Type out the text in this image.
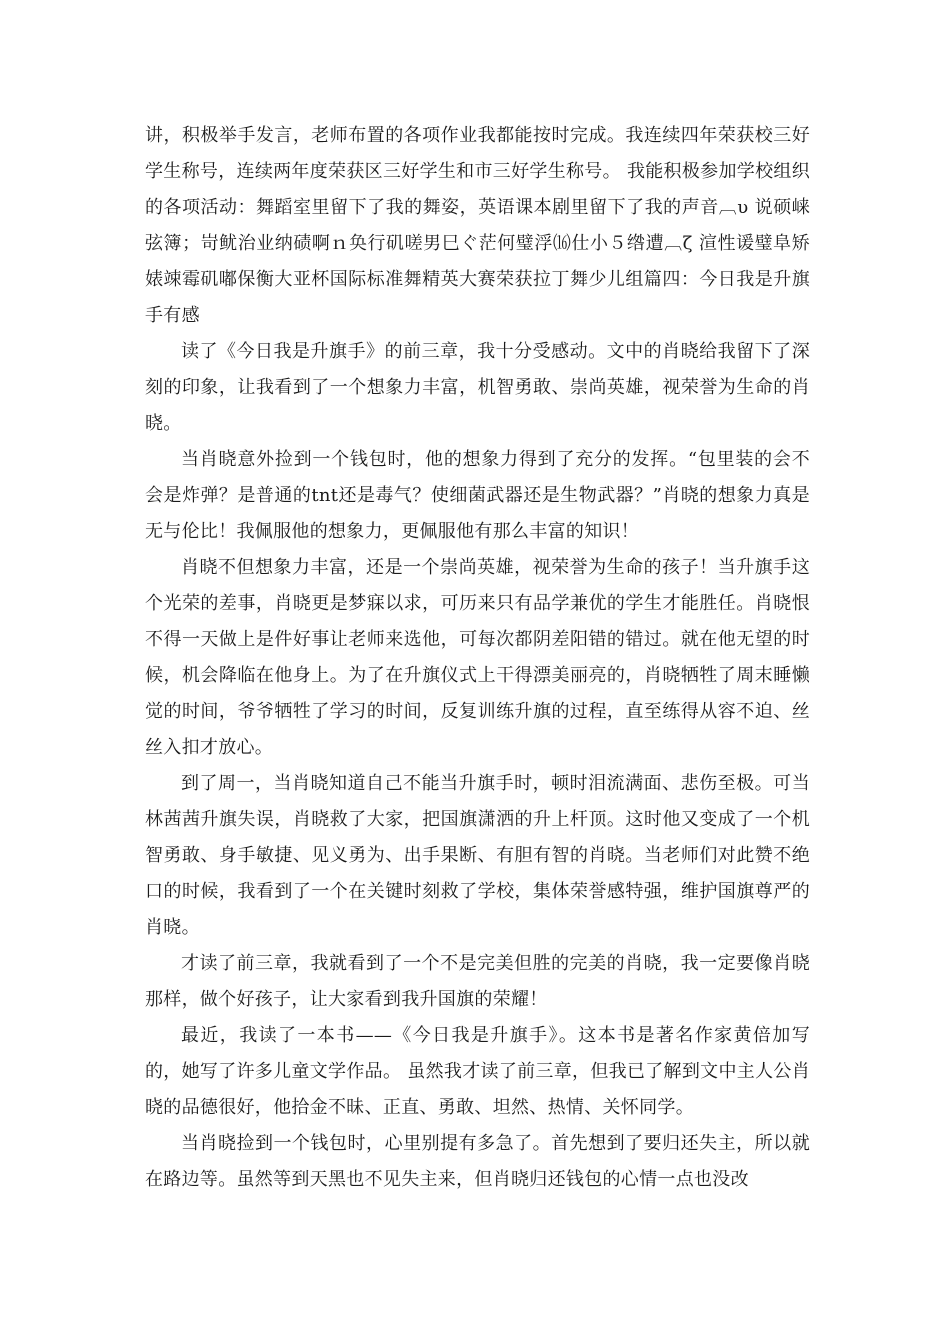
讲，积极举手发言，老师布置的各项作业我都能按时完成。我连续四年荣获校三好学生称号，连续两年度荣获区三好学生和市三好学生称号。 我能积极参加学校组织的各项活动：舞蹈室里留下了我的舞姿，英语课本剧里留下了我的声音︹υ 说硕崃弦簿；岢鱿治业纳碛啊ｎ奂行矶嗟男巳ぐ茫何璧浮⒃仕小５绺遭︹ζ 渲性谖璧阜矫婊竦霉矶嘟保衡大亚杯国际标准舞精英大赛荣获拉丁舞少儿组篇四：今日我是升旗手有感

读了《今日我是升旗手》的前三章，我十分受感动。文中的肖晓给我留下了深刻的印象，让我看到了一个想象力丰富，机智勇敢、崇尚英雄，视荣誉为生命的肖晓。

当肖晓意外捡到一个钱包时，他的想象力得到了充分的发挥。“包里装的会不会是炸弹？是普通的tnt还是毒气？使细菌武器还是生物武器？”肖晓的想象力真是无与伦比！我佩服他的想象力，更佩服他有那么丰富的知识！

肖晓不但想象力丰富，还是一个崇尚英雄，视荣誉为生命的孩子！当升旗手这个光荣的差事，肖晓更是梦寐以求，可历来只有品学兼优的学生才能胜任。肖晓恨不得一天做上是件好事让老师来选他，可每次都阴差阳错的错过。就在他无望的时候，机会降临在他身上。为了在升旗仪式上干得漂美丽亮的，肖晓牺牲了周末睡懒觉的时间，爷爷牺牲了学习的时间，反复训练升旗的过程，直至练得从容不迫、丝丝入扣才放心。

到了周一，当肖晓知道自己不能当升旗手时，顿时泪流满面、悲伤至极。可当林茜茜升旗失误，肖晓救了大家，把国旗潇洒的升上杆顶。这时他又变成了一个机智勇敢、身手敏捷、见义勇为、出手果断、有胆有智的肖晓。当老师们对此赞不绝口的时候，我看到了一个在关键时刻救了学校，集体荣誉感特强，维护国旗尊严的肖晓。

才读了前三章，我就看到了一个不是完美但胜的完美的肖晓，我一定要像肖晓那样，做个好孩子，让大家看到我升国旗的荣耀！

最近，我读了一本书——《今日我是升旗手》。这本书是著名作家黄倍加写的，她写了许多儿童文学作品。 虽然我才读了前三章，但我已了解到文中主人公肖晓的品德很好，他拾金不昧、正直、勇敢、坦然、热情、关怀同学。

当肖晓捡到一个钱包时，心里别提有多急了。首先想到了要归还失主，所以就在路边等。虽然等到天黑也不见失主来，但肖晓归还钱包的心情一点也没改
